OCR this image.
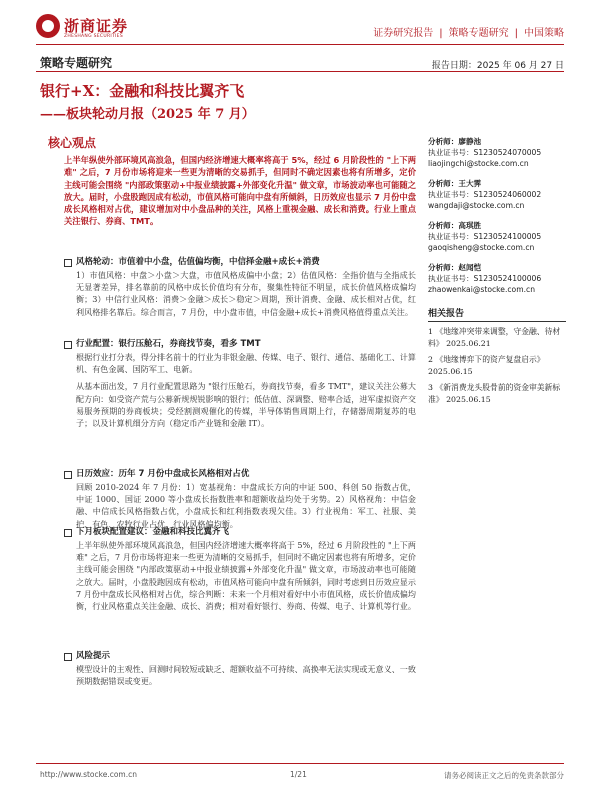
浙商证券
ZHESHANG SECURITIES	证券研究报告 | 策略专题研究 | 中国策略
策略专题研究	报告日期：2025 年 06 月 27 日
银行+X：金融和科技比翼齐飞
——板块轮动月报（2025 年 7 月）
核心观点
上半年纵使外部环境风高浪急，但国内经济增速大概率将高于 5%，经过 6 月阶段性的 "上下两难" 之后，7 月份市场将迎来一些更为清晰的交易抓手，但同时不确定因素也将有所增多，定价主线可能会围绕 "内部政策驱动+中报业绩披露+外部变化升温" 做文章，市场波动率也可能随之放大。届时，小盘股跑因成有松动，市值风格可能向中盘有所倾斜，日历效应也显示 7 月份中盘成长风格相对占优，建议增加对中小盘品种的关注，风格上重视金融、成长和消费。行业上重点关注银行、券商、TMT。
风格轮动：市值着中小盘，估值偏均衡，中信择金融+成长+消费
1）市值风格：中盘＞小盘＞大盘，市值风格成偏中小盘；2）估值风格：全指价值与全指成长无显著差异，排名靠前的风格中成长价值均有分布，聚集性特征不明显，成长价值风格成偏均衡；3）中信行业风格：消费＞金融＞成长＞稳定＞周期，预计消费、金融、成长相对占优，红利风格排名靠后。综合而言，7 月份，中小盘市值，中信金融+成长+消费风格值得重点关注。
行业配置：银行压舱石，券商找节奏，看多 TMT
根据行业打分表，得分排名前十的行业为非银金融、传媒、电子、银行、通信、基础化工、计算机、有色金属、国防军工、电新。
从基本面出发，7 月行业配置思路为 "银行压舱石，券商找节奏，看多 TMT"，建议关注公募大配方向：如受资产荒与公募新规规锐影响的银行；低估值、深调整、赔率合适，进军虚拟资产交易服务预期的券商板块；受经割测观催化的传媒，半导体销售周期上行，存储器周期复苏的电子；以及计算机细分方向（稳定币产业链和金融 IT）。
日历效应：历年 7 月份中盘成长风格相对占优
回顾 2010-2024 年 7 月份：1）宽基视角：中盘成长方向的中证 500、科创 50 指数占优，中证 1000、国证 2000 等小盘成长指数胜率和超额收益均处于劣势。2）风格视角：中信金融、中信成长风格指数占优，小盘成长和红利指数表现欠佳。3）行业视角：军工、社服、美护、有色、农牧行业占优，行业风格偏均衡。
下月板块配置建议：金融和科技比翼齐飞
上半年纵使外部环境风高浪急，但国内经济增速大概率将高于 5%，经过 6 月阶段性的 "上下两难" 之后，7 月份市场将迎来一些更为清晰的交易抓手，但同时不确定因素也将有所增多，定价主线可能会围绕 "内部政策驱动+中报业绩披露+外部变化升温" 做文章，市场波动率也可能随之放大。届时，小盘股跑因成有松动，市值风格可能向中盘有所倾斜，同时考虑到日历效应显示 7 月份中盘成长风格相对占优，综合判断：未来一个月相对看好中小市值风格，成长价值成偏均衡，行业风格重点关注金融、成长、消费；相对看好银行、券商、传媒、电子、计算机等行业。
风险提示
模型设计的主观性、回测时间较短或缺乏、超额收益不可持续、高换率无法实现或无意义、一致预期数据错误或变更。
分析师：廖静池
执业证书号：S1230524070005
liaojingchi@stocke.com.cn
分析师：王大霁
执业证书号：S1230524060002
wangdaji@stocke.com.cn
分析师：高琪胜
执业证书号：S1230524100005
gaoqisheng@stocke.com.cn
分析师：赵闻恺
执业证书号：S1230524100006
zhaowenkai@stocke.com.cn
相关报告
1 《地缘冲突带来调整，守金融、待材料》 2025.06.21
2 《地缘博弈下的资产复盘启示》 2025.06.15
3 《新消费龙头股骨前的资金审美新标准》 2025.06.15
http://www.stocke.com.cn	1/21	请务必阅读正文之后的免责条款部分
